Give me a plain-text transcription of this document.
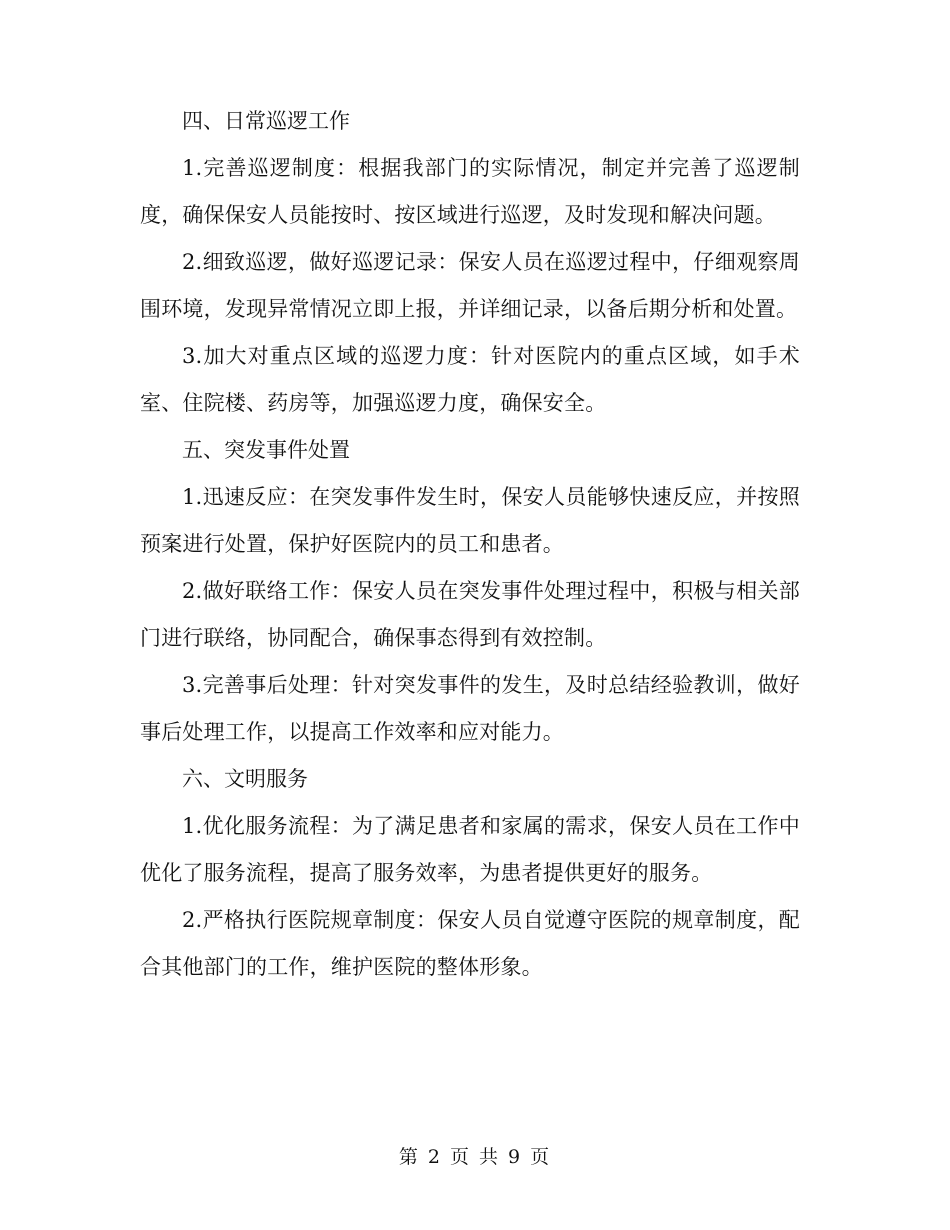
四、日常巡逻工作

1.完善巡逻制度：根据我部门的实际情况，制定并完善了巡逻制度，确保保安人员能按时、按区域进行巡逻，及时发现和解决问题。

2.细致巡逻，做好巡逻记录：保安人员在巡逻过程中，仔细观察周围环境，发现异常情况立即上报，并详细记录，以备后期分析和处置。

3.加大对重点区域的巡逻力度：针对医院内的重点区域，如手术室、住院楼、药房等，加强巡逻力度，确保安全。

五、突发事件处置

1.迅速反应：在突发事件发生时，保安人员能够快速反应，并按照预案进行处置，保护好医院内的员工和患者。

2.做好联络工作：保安人员在突发事件处理过程中，积极与相关部门进行联络，协同配合，确保事态得到有效控制。

3.完善事后处理：针对突发事件的发生，及时总结经验教训，做好事后处理工作，以提高工作效率和应对能力。

六、文明服务

1.优化服务流程：为了满足患者和家属的需求，保安人员在工作中优化了服务流程，提高了服务效率，为患者提供更好的服务。

2.严格执行医院规章制度：保安人员自觉遵守医院的规章制度，配合其他部门的工作，维护医院的整体形象。

第 2 页 共 9 页
